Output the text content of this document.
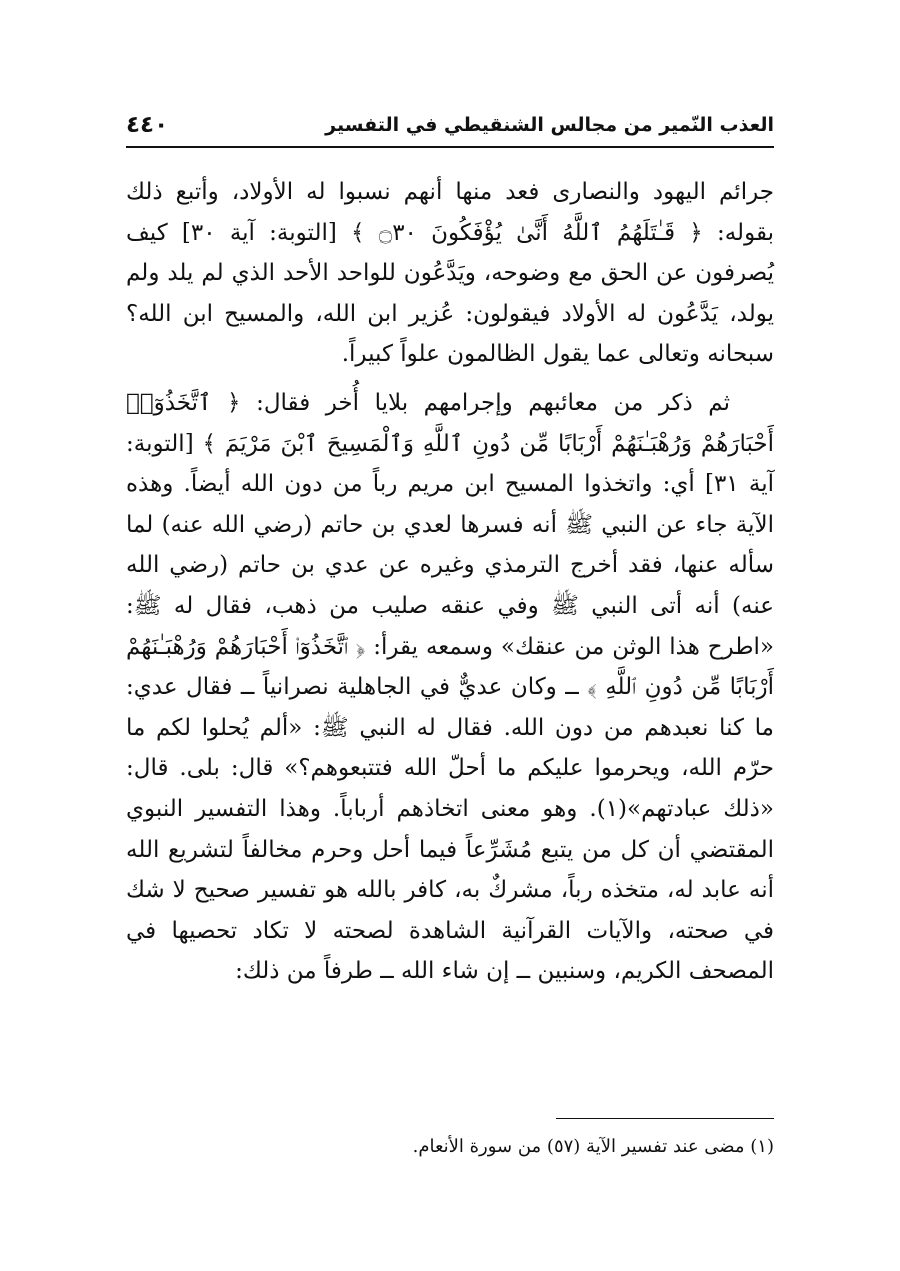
العذب النّمير من مجالس الشنقيطي في التفسير
٤٤٠

جرائم اليهود والنصارى فعد منها أنهم نسبوا له الأولاد، وأتبع ذلك بقوله: ﴿ قَـٰتَلَهُمُ ٱللَّهُ أَنَّىٰ يُؤْفَكُونَ ۝٣٠ ﴾ [التوبة: آية ٣٠] كيف يُصرفون عن الحق مع وضوحه، ويَدَّعُون للواحد الأحد الذي لم يلد ولم يولد، يَدَّعُون له الأولاد فيقولون: عُزير ابن الله، والمسيح ابن الله؟ سبحانه وتعالى عما يقول الظالمون علواً كبيراً.

ثم ذكر من معائبهم وإجرامهم بلايا أُخر فقال: ﴿ ٱتَّخَذُوٓا۟ أَحْبَارَهُمْ وَرُهْبَـٰنَهُمْ أَرْبَابًا مِّن دُونِ ٱللَّهِ وَٱلْمَسِيحَ ٱبْنَ مَرْيَمَ ﴾ [التوبة: آية ٣١] أي: واتخذوا المسيح ابن مريم رباً من دون الله أيضاً. وهذه الآية جاء عن النبي ﷺ أنه فسرها لعدي بن حاتم (رضي الله عنه) لما سأله عنها، فقد أخرج الترمذي وغيره عن عدي بن حاتم (رضي الله عنه) أنه أتى النبي ﷺ وفي عنقه صليب من ذهب، فقال له ﷺ: «اطرح هذا الوثن من عنقك» وسمعه يقرأ: ﴿ ٱتَّخَذُوٓا۟ أَحْبَارَهُمْ وَرُهْبَـٰنَهُمْ أَرْبَابًا مِّن دُونِ ٱللَّهِ ﴾ ــ وكان عديٌّ في الجاهلية نصرانياً ــ فقال عدي: ما كنا نعبدهم من دون الله. فقال له النبي ﷺ: «ألم يُحلوا لكم ما حرّم الله، ويحرموا عليكم ما أحلّ الله فتتبعوهم؟» قال: بلى. قال: «ذلك عبادتهم»(١). وهو معنى اتخاذهم أرباباً. وهذا التفسير النبوي المقتضي أن كل من يتبع مُشَرِّعاً فيما أحل وحرم مخالفاً لتشريع الله أنه عابد له، متخذه رباً، مشركٌ به، كافر بالله هو تفسير صحيح لا شك في صحته، والآيات القرآنية الشاهدة لصحته لا تكاد تحصيها في المصحف الكريم، وسنبين ــ إن شاء الله ــ طرفاً من ذلك:

(١) مضى عند تفسير الآية (٥٧) من سورة الأنعام.
